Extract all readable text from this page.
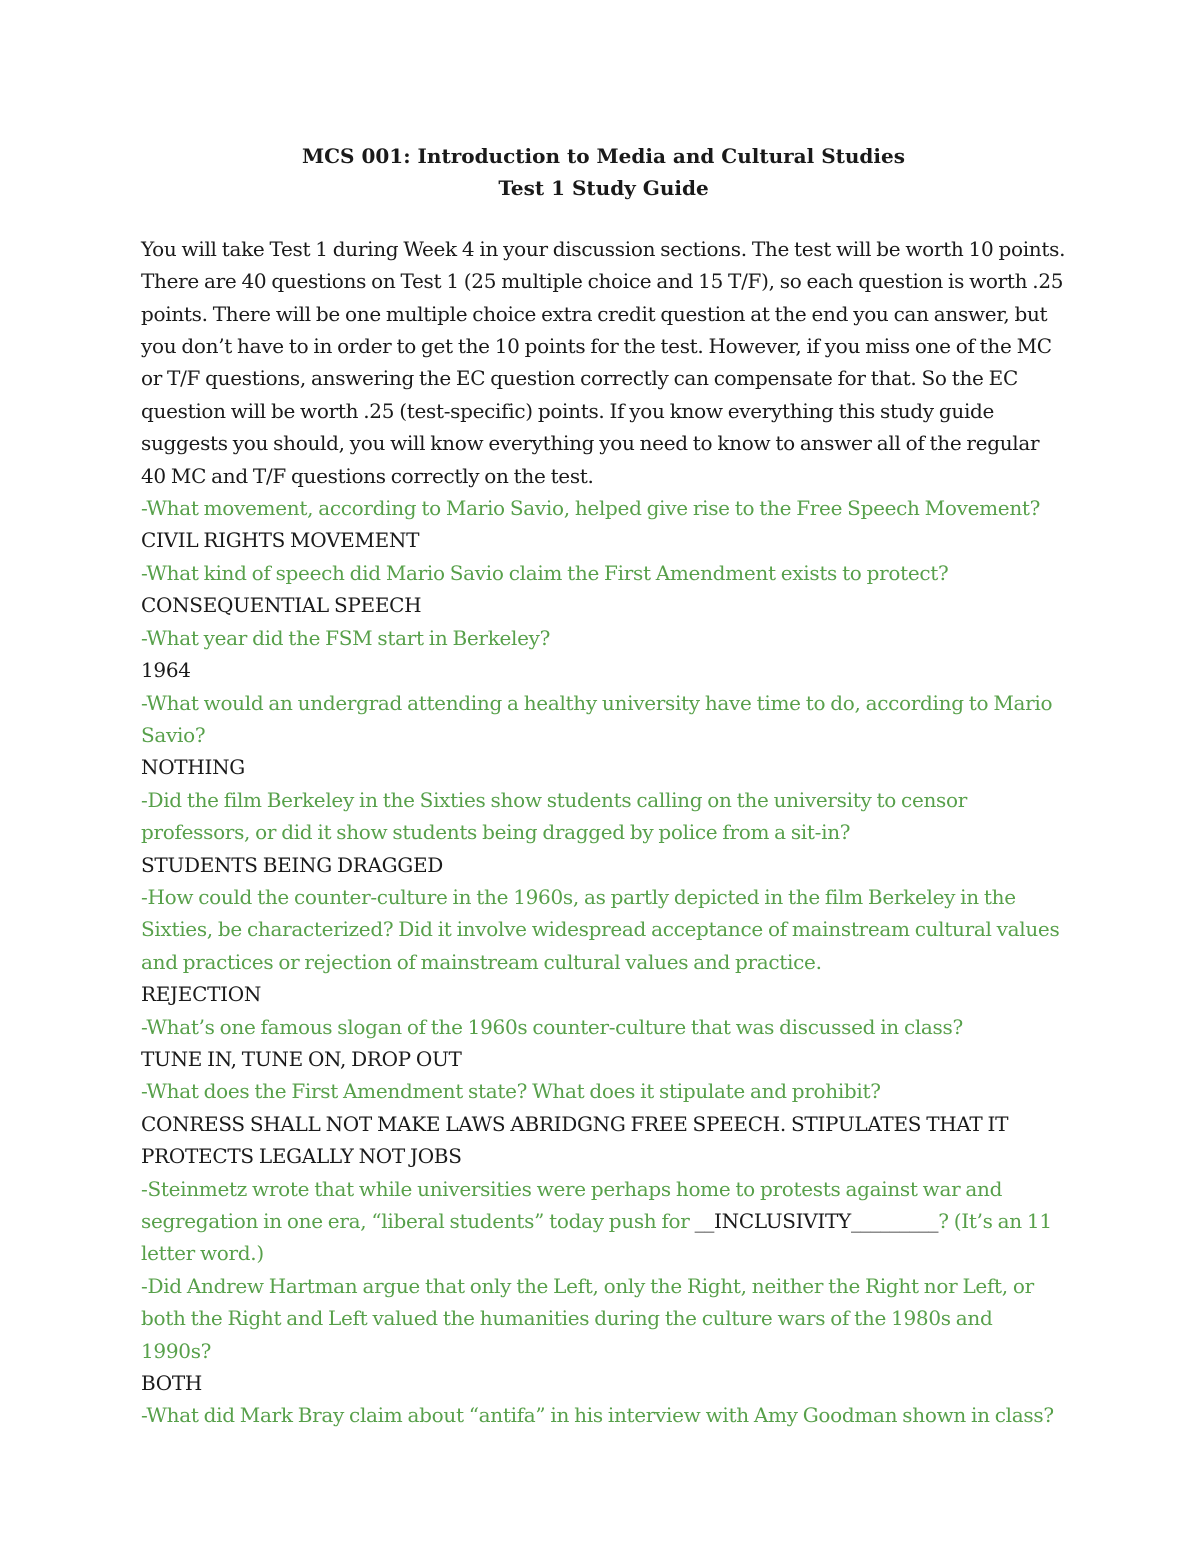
MCS 001: Introduction to Media and Cultural Studies

Test 1 Study Guide

You will take Test 1 during Week 4 in your discussion sections. The test will be worth 10 points. There are 40 questions on Test 1 (25 multiple choice and 15 T/F), so each question is worth .25 points. There will be one multiple choice extra credit question at the end you can answer, but you don’t have to in order to get the 10 points for the test. However, if you miss one of the MC or T/F questions, answering the EC question correctly can compensate for that. So the EC question will be worth .25 (test-specific) points. If you know everything this study guide suggests you should, you will know everything you need to know to answer all of the regular 40 MC and T/F questions correctly on the test.

-What movement, according to Mario Savio, helped give rise to the Free Speech Movement?

CIVIL RIGHTS MOVEMENT

-What kind of speech did Mario Savio claim the First Amendment exists to protect?

CONSEQUENTIAL SPEECH

-What year did the FSM start in Berkeley?

1964

-What would an undergrad attending a healthy university have time to do, according to Mario Savio?

NOTHING

-Did the film Berkeley in the Sixties show students calling on the university to censor professors, or did it show students being dragged by police from a sit-in?

STUDENTS BEING DRAGGED

-How could the counter-culture in the 1960s, as partly depicted in the film Berkeley in the Sixties, be characterized? Did it involve widespread acceptance of mainstream cultural values and practices or rejection of mainstream cultural values and practice.

REJECTION

-What’s one famous slogan of the 1960s counter-culture that was discussed in class?

TUNE IN, TUNE ON, DROP OUT

-What does the First Amendment state? What does it stipulate and prohibit?

CONRESS SHALL NOT MAKE LAWS ABRIDGNG FREE SPEECH. STIPULATES THAT IT PROTECTS LEGALLY NOT JOBS

-Steinmetz wrote that while universities were perhaps home to protests against war and segregation in one era, “liberal students” today push for __INCLUSIVITY_________? (It’s an 11 letter word.)

-Did Andrew Hartman argue that only the Left, only the Right, neither the Right nor Left, or both the Right and Left valued the humanities during the culture wars of the 1980s and 1990s?

BOTH

-What did Mark Bray claim about “antifa” in his interview with Amy Goodman shown in class?
